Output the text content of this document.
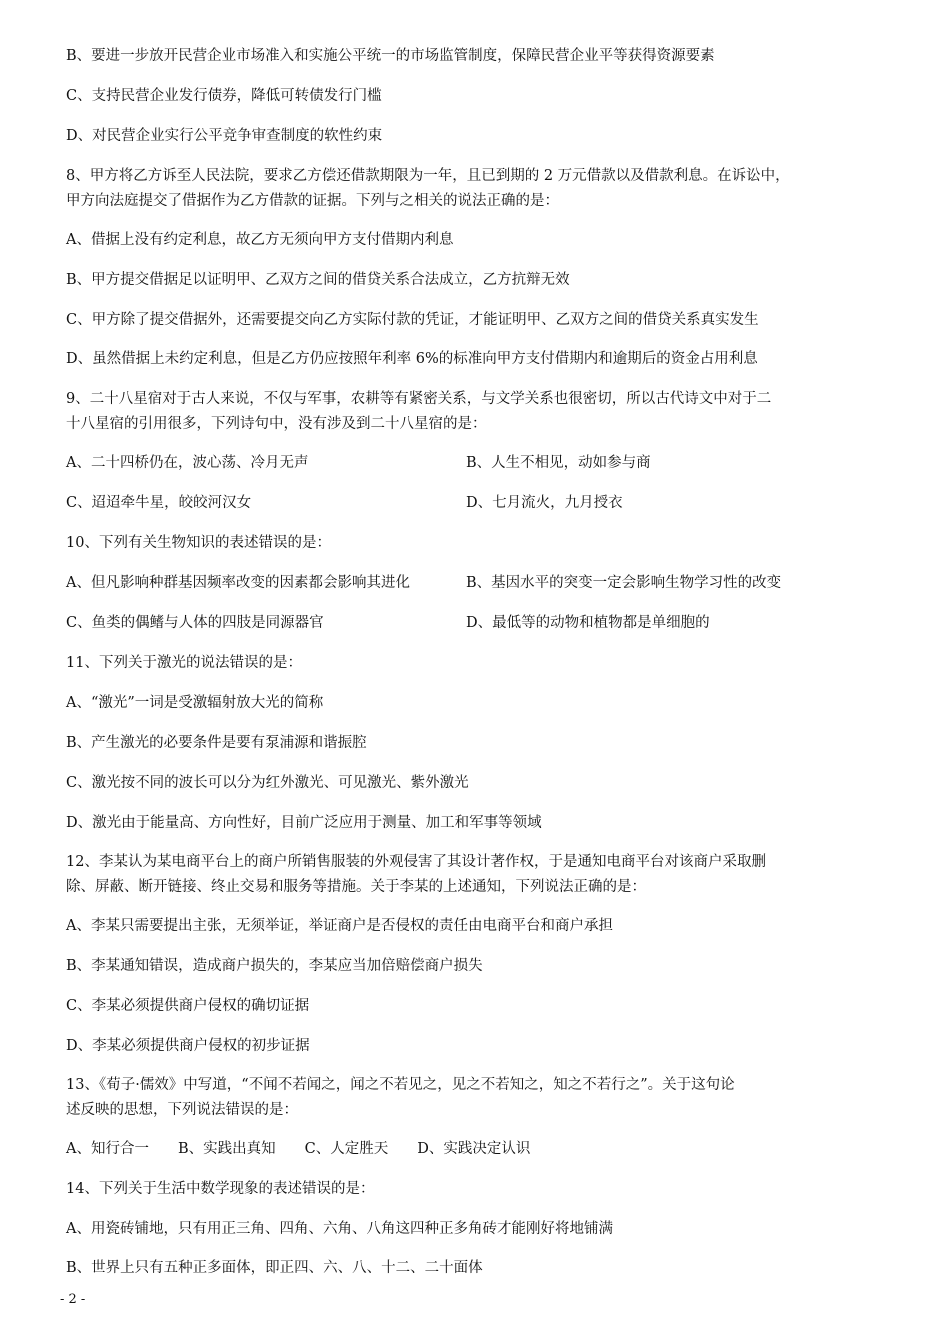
B、要进一步放开民营企业市场准入和实施公平统一的市场监管制度，保障民营企业平等获得资源要素
C、支持民营企业发行债券，降低可转债发行门槛
D、对民营企业实行公平竞争审查制度的软性约束
8、甲方将乙方诉至人民法院，要求乙方偿还借款期限为一年，且已到期的 2 万元借款以及借款利息。在诉讼中，
甲方向法庭提交了借据作为乙方借款的证据。下列与之相关的说法正确的是：
A、借据上没有约定利息，故乙方无须向甲方支付借期内利息
B、甲方提交借据足以证明甲、乙双方之间的借贷关系合法成立，乙方抗辩无效
C、甲方除了提交借据外，还需要提交向乙方实际付款的凭证，才能证明甲、乙双方之间的借贷关系真实发生
D、虽然借据上未约定利息，但是乙方仍应按照年利率 6%的标准向甲方支付借期内和逾期后的资金占用利息
9、二十八星宿对于古人来说，不仅与军事，农耕等有紧密关系，与文学关系也很密切，所以古代诗文中对于二
十八星宿的引用很多，下列诗句中，没有涉及到二十八星宿的是：
A、二十四桥仍在，波心荡、冷月无声	B、人生不相见，动如参与商
C、迢迢牵牛星，皎皎河汉女	D、七月流火，九月授衣
10、下列有关生物知识的表述错误的是：
A、但凡影响种群基因频率改变的因素都会影响其进化	B、基因水平的突变一定会影响生物学习性的改变
C、鱼类的偶鳍与人体的四肢是同源器官	D、最低等的动物和植物都是单细胞的
11、下列关于激光的说法错误的是：
A、“激光”一词是受激辐射放大光的简称
B、产生激光的必要条件是要有泵浦源和谐振腔
C、激光按不同的波长可以分为红外激光、可见激光、紫外激光
D、激光由于能量高、方向性好，目前广泛应用于测量、加工和军事等领域
12、李某认为某电商平台上的商户所销售服装的外观侵害了其设计著作权，于是通知电商平台对该商户采取删
除、屏蔽、断开链接、终止交易和服务等措施。关于李某的上述通知，下列说法正确的是：
A、李某只需要提出主张，无须举证，举证商户是否侵权的责任由电商平台和商户承担
B、李某通知错误，造成商户损失的，李某应当加倍赔偿商户损失
C、李某必须提供商户侵权的确切证据
D、李某必须提供商户侵权的初步证据
13、《荀子·儒效》中写道，“不闻不若闻之，闻之不若见之，见之不若知之，知之不若行之”。关于这句论
述反映的思想，下列说法错误的是：
A、知行合一　　B、实践出真知　　C、人定胜天　　D、实践决定认识
14、下列关于生活中数学现象的表述错误的是：
A、用瓷砖铺地，只有用正三角、四角、六角、八角这四种正多角砖才能刚好将地铺满
B、世界上只有五种正多面体，即正四、六、八、十二、二十面体
- 2 -
